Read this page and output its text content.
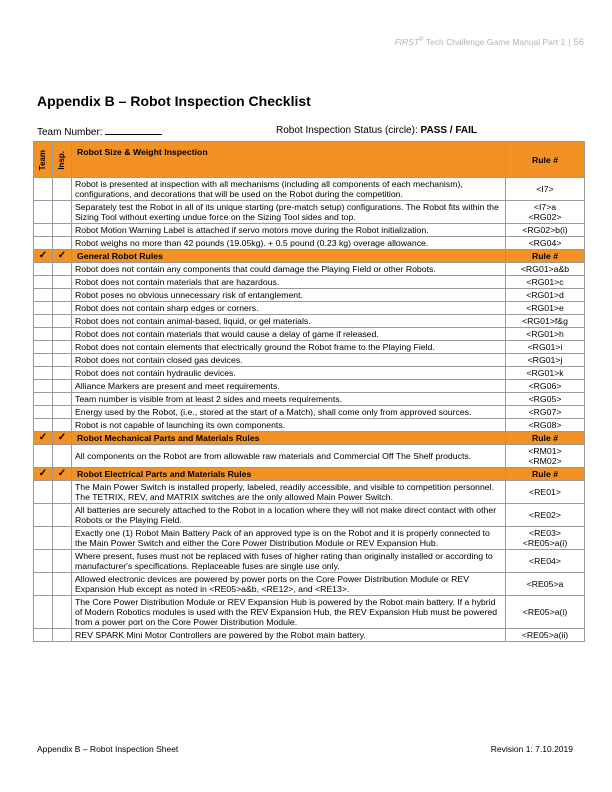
FIRST® Tech Challenge Game Manual Part 1 | 56
Appendix B – Robot Inspection Checklist
Team Number:	Robot Inspection Status (circle): PASS / FAIL
Team	Insp.	Robot Size & Weight Inspection	Rule #
		Robot is presented at inspection with all mechanisms (including all components of each mechanism), configurations, and decorations that will be used on the Robot during the competition.	<I7>
		Separately test the Robot in all of its unique starting (pre-match setup) configurations. The Robot fits within the Sizing Tool without exerting undue force on the Sizing Tool sides and top.	<I7>a
<RG02>
		Robot Motion Warning Label is attached if servo motors move during the Robot initialization.	<RG02>b(i)
		Robot weighs no more than 42 pounds (19.05kg). + 0.5 pound (0.23 kg) overage allowance.	<RG04>
✓	✓	General Robot Rules	Rule #
		Robot does not contain any components that could damage the Playing Field or other Robots.	<RG01>a&b
		Robot does not contain materials that are hazardous.	<RG01>c
		Robot poses no obvious unnecessary risk of entanglement.	<RG01>d
		Robot does not contain sharp edges or corners.	<RG01>e
		Robot does not contain animal-based, liquid, or gel materials.	<RG01>f&g
		Robot does not contain materials that would cause a delay of game if released.	<RG01>h
		Robot does not contain elements that electrically ground the Robot frame to the Playing Field.	<RG01>i
		Robot does not contain closed gas devices.	<RG01>j
		Robot does not contain hydraulic devices.	<RG01>k
		Alliance Markers are present and meet requirements.	<RG06>
		Team number is visible from at least 2 sides and meets requirements.	<RG05>
		Energy used by the Robot, (i.e., stored at the start of a Match), shall come only from approved sources.	<RG07>
		Robot is not capable of launching its own components.	<RG08>
✓	✓	Robot Mechanical Parts and Materials Rules	Rule #
		All components on the Robot are from allowable raw materials and Commercial Off The Shelf products.	<RM01>
<RM02>
✓	✓	Robot Electrical Parts and Materials Rules	Rule #
		The Main Power Switch is installed properly, labeled, readily accessible, and visible to competition personnel. The TETRIX, REV, and MATRIX switches are the only allowed Main Power Switch.	<RE01>
		All batteries are securely attached to the Robot in a location where they will not make direct contact with other Robots or the Playing Field.	<RE02>
		Exactly one (1) Robot Main Battery Pack of an approved type is on the Robot and it is properly connected to the Main Power Switch and either the Core Power Distribution Module or REV Expansion Hub.	<RE03>
<RE05>a(i)
		Where present, fuses must not be replaced with fuses of higher rating than originally installed or according to manufacturer's specifications. Replaceable fuses are single use only.	<RE04>
		Allowed electronic devices are powered by power ports on the Core Power Distribution Module or REV Expansion Hub except as noted in <RE05>a&b, <RE12>, and <RE13>.	<RE05>a
		The Core Power Distribution Module or REV Expansion Hub is powered by the Robot main battery. If a hybrid of Modern Robotics modules is used with the REV Expansion Hub, the REV Expansion Hub must be powered from a power port on the Core Power Distribution Module.	<RE05>a(i)
		REV SPARK Mini Motor Controllers are powered by the Robot main battery.	<RE05>a(ii)
Appendix B – Robot Inspection Sheet	Revision 1: 7.10.2019
